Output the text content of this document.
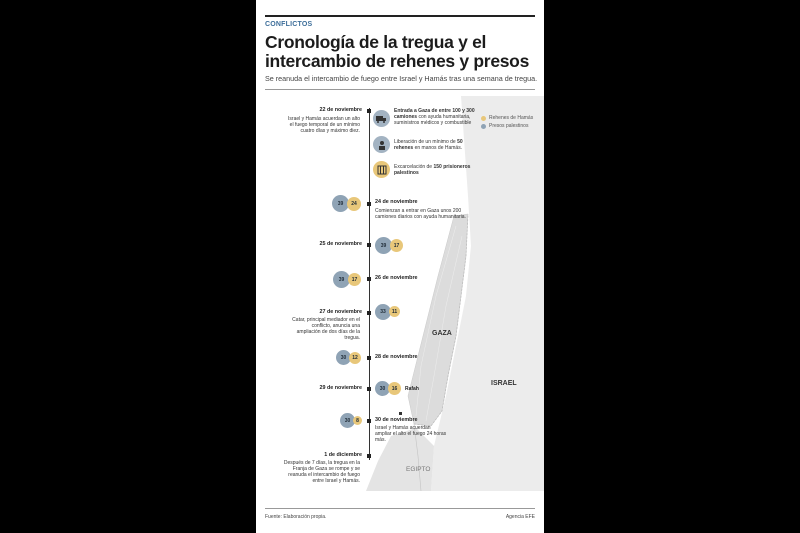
CONFLICTOS
Cronología de la tregua y el intercambio de rehenes y presos
Se reanuda el intercambio de fuego entre Israel y Hamás tras una semana de tregua.
Rehenes de Hamás
Presos palestinos
GAZA
ISRAEL
EGIPTO
Rafah
22 de noviembre
Israel y Hamás acuerdan un alto el fuego temporal de un mínimo cuatro días y máximo diez.
Entrada a Gaza de entre 100 y 300 camiones con ayuda humanitaria, suministros médicos y combustible
Liberación de un mínimo de 50 rehenes en manos de Hamás.
Excarcelación de 150 prisioneros palestinos
39	24	24 de noviembre
Comienzan a entrar en Gaza unos 200 camiones diarios con ayuda humanitaria.
25 de noviembre	39	17
39	17	26 de noviembre
27 de noviembre
Catar, principal mediador en el conflicto, anuncia una ampliación de dos días de la tregua.
33	11
30	12	28 de noviembre
29 de noviembre	30	16
30	8	30 de noviembre
Israel y Hamás acuerdan ampliar el alto el fuego 24 horas más.
1 de diciembre
Después de 7 días, la tregua en la Franja de Gaza se rompe y se reanuda el intercambio de fuego entre Israel y Hamás.
Fuente: Elaboración propia.	Agencia EFE
